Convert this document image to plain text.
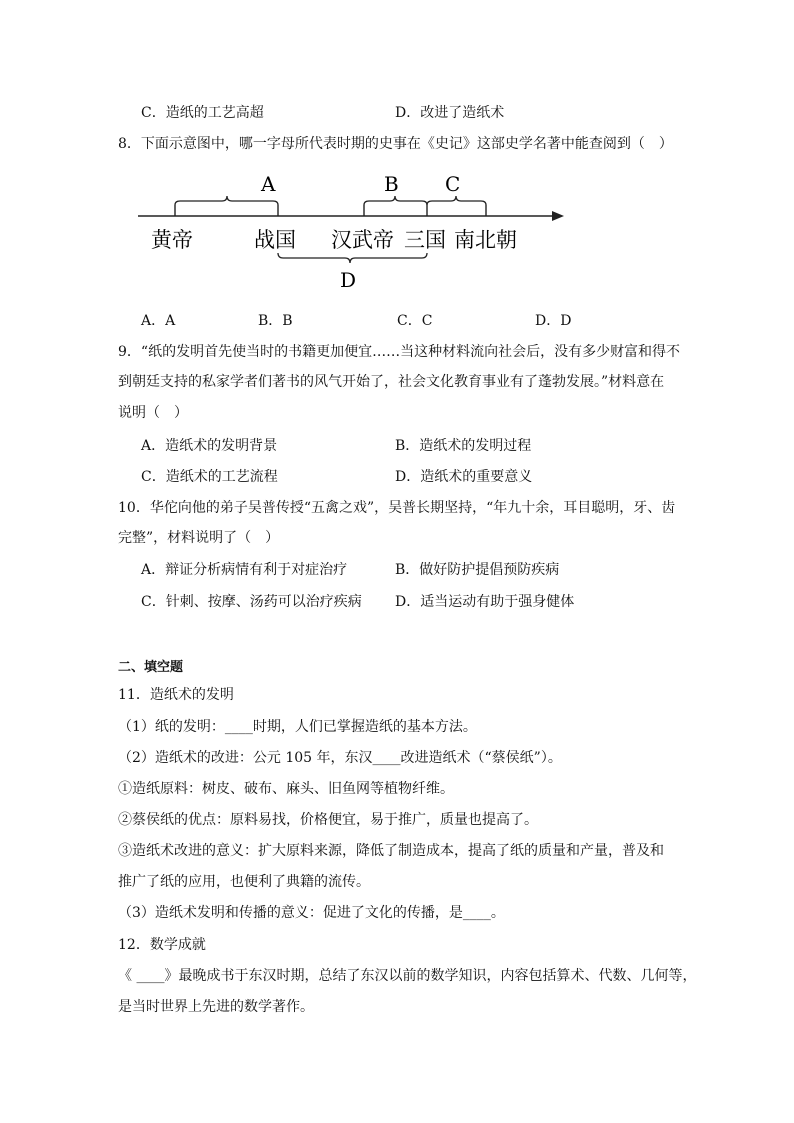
C．造纸的工艺高超	D．改进了造纸术
8．下面示意图中，哪一字母所代表时期的史事在《史记》这部史学名著中能查阅到（　）
A	B C
D
黄帝	战国 汉武帝 三国 南北朝
A．A	B．B	C．C	D．D
9．“纸的发明首先使当时的书籍更加便宜……当这种材料流向社会后，没有多少财富和得不
到朝廷支持的私家学者们著书的风气开始了，社会文化教育事业有了蓬勃发展。”材料意在
说明（　）
A．造纸术的发明背景	B．造纸术的发明过程
C．造纸术的工艺流程	D．造纸术的重要意义
10．华佗向他的弟子吴普传授“五禽之戏”，吴普长期坚持，“年九十余，耳目聪明，牙、齿
完整”，材料说明了（　）
A．辩证分析病情有利于对症治疗	B．做好防护提倡预防疾病
C．针刺、按摩、汤药可以治疗疾病 D．适当运动有助于强身健体
二、填空题
11．造纸术的发明
（1）纸的发明：____时期，人们已掌握造纸的基本方法。
（2）造纸术的改进：公元 105 年，东汉____改进造纸术（“蔡侯纸”）。
①造纸原料：树皮、破布、麻头、旧鱼网等植物纤维。
②蔡侯纸的优点：原料易找，价格便宜，易于推广，质量也提高了。
③造纸术改进的意义：扩大原料来源，降低了制造成本，提高了纸的质量和产量，普及和
推广了纸的应用，也便利了典籍的流传。
（3）造纸术发明和传播的意义：促进了文化的传播，是____。
12．数学成就
《 ____》最晚成书于东汉时期，总结了东汉以前的数学知识，内容包括算术、代数、几何等，
是当时世界上先进的数学著作。
